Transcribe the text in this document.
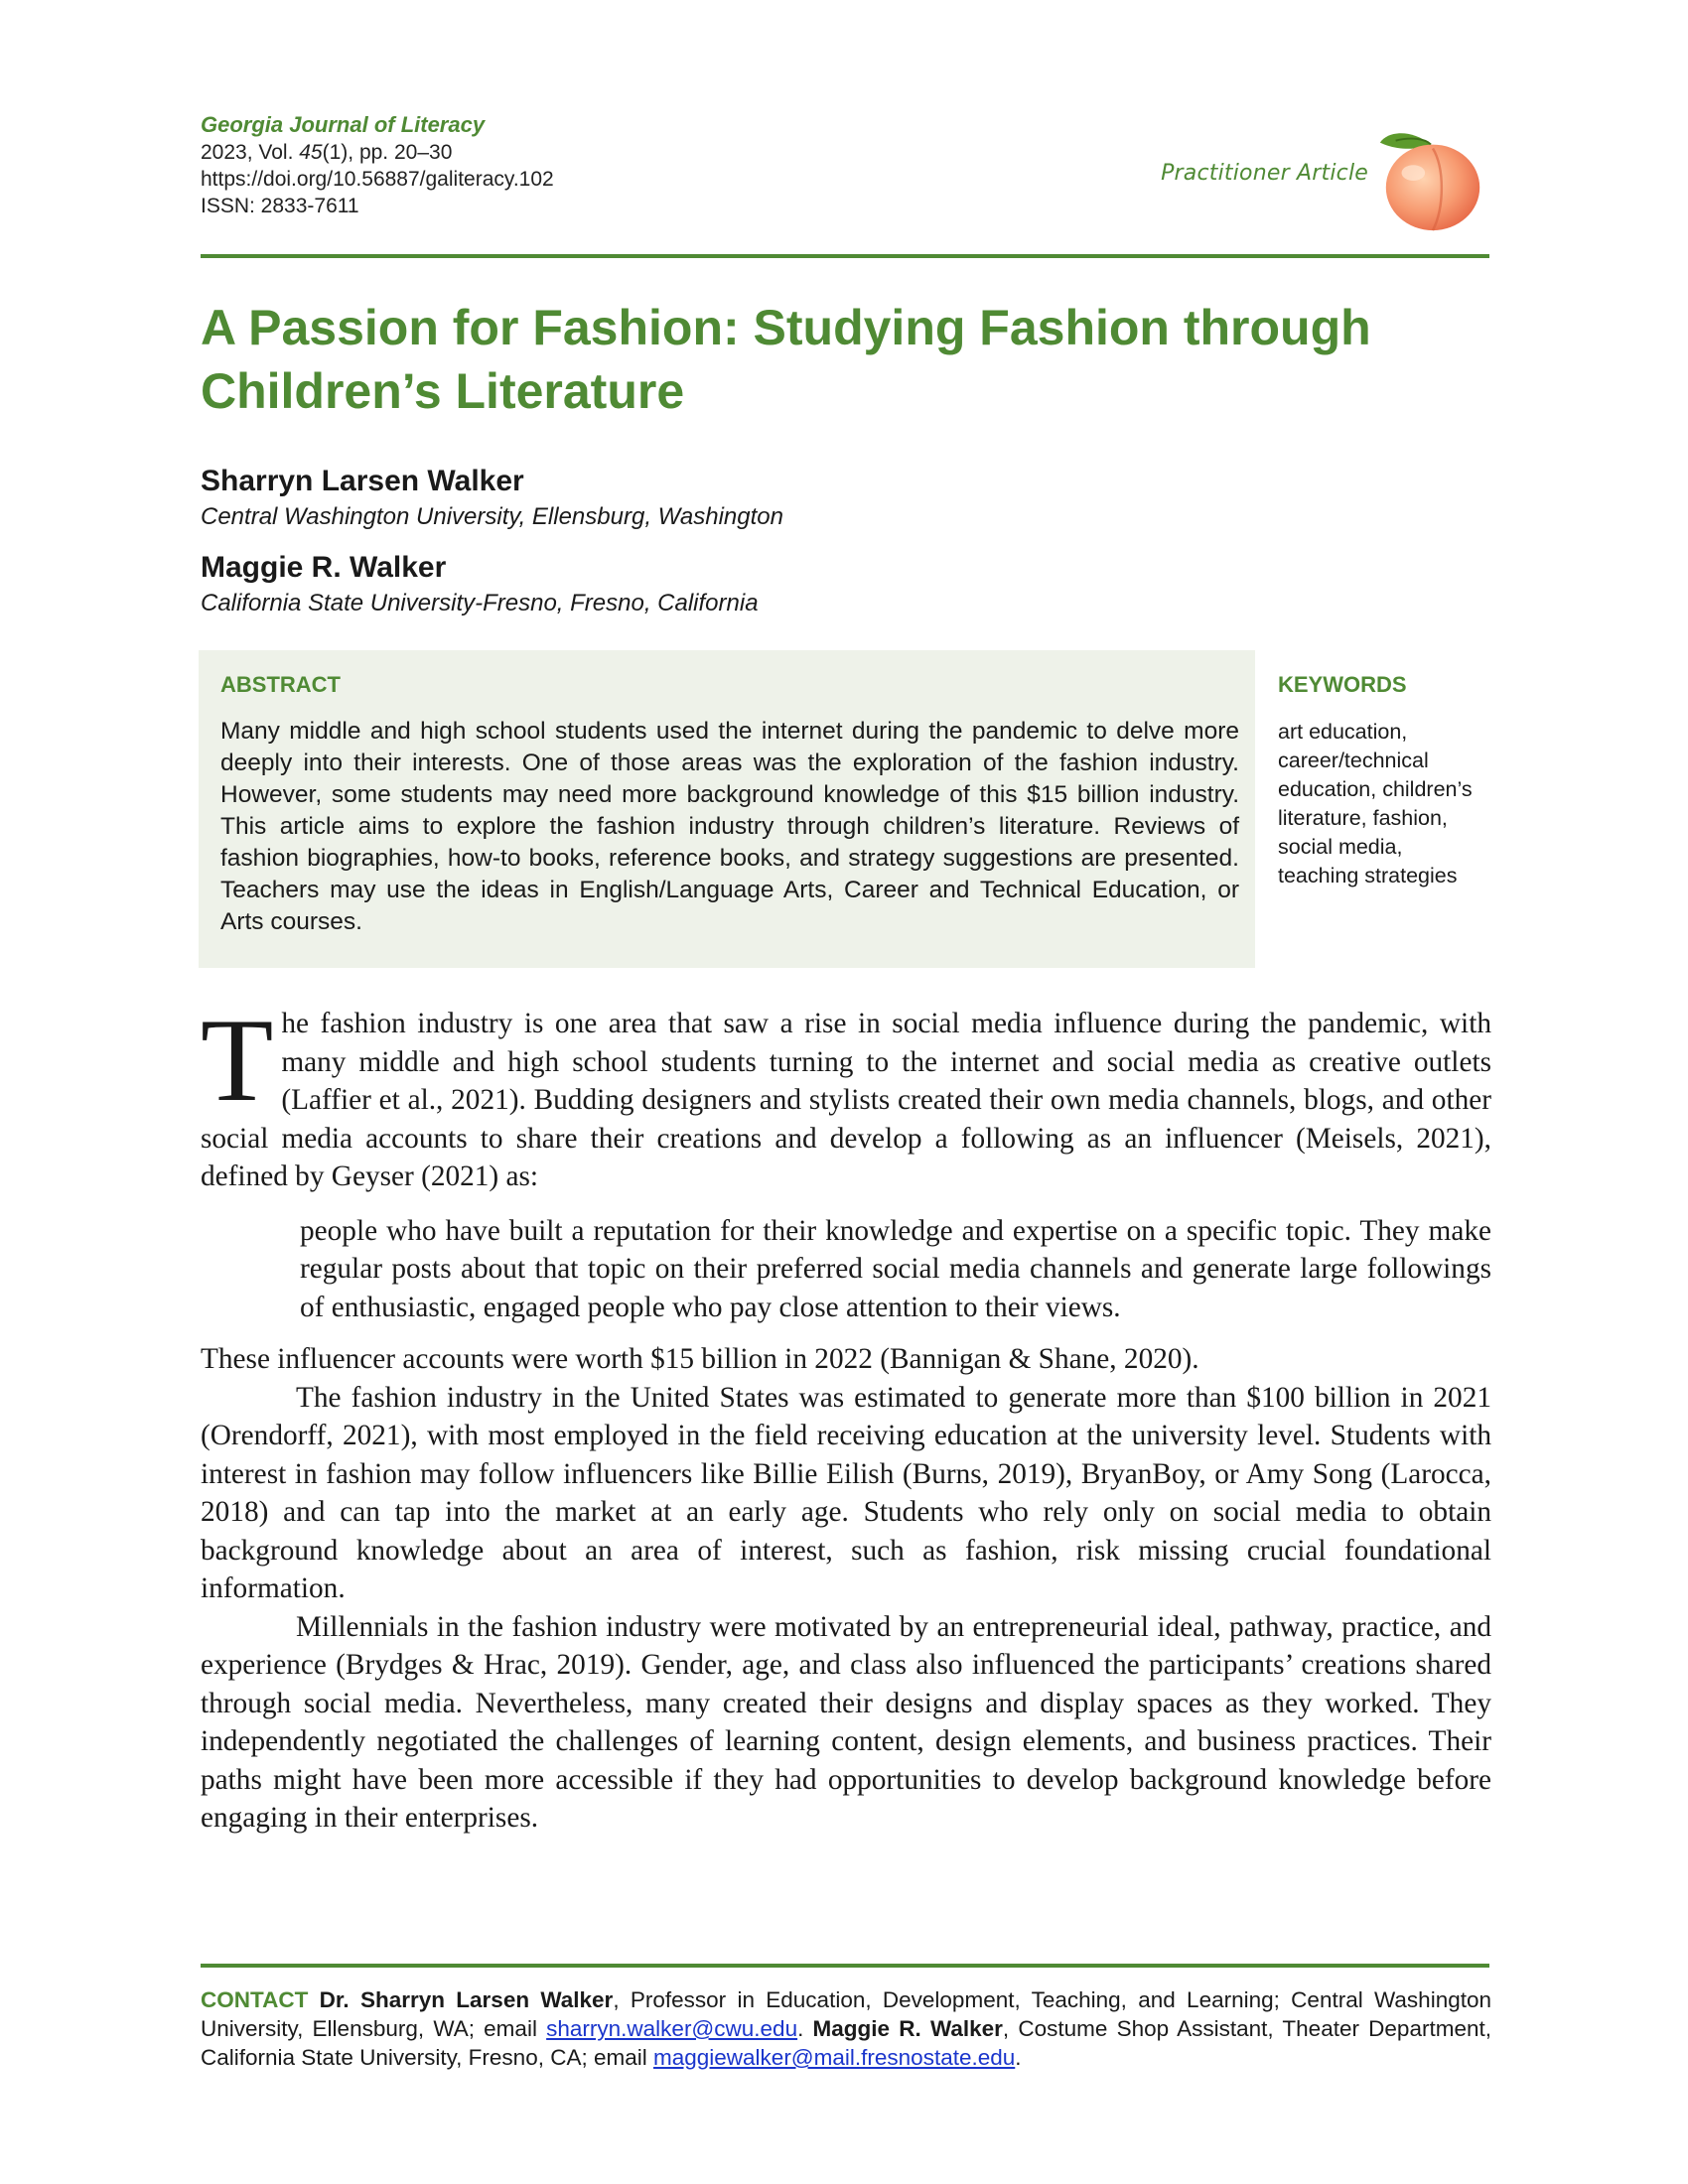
Georgia Journal of Literacy
2023, Vol. 45(1), pp. 20–30
https://doi.org/10.56887/galiteracy.102
ISSN: 2833-7611
Practitioner Article
A Passion for Fashion: Studying Fashion through Children’s Literature
Sharryn Larsen Walker
Central Washington University, Ellensburg, Washington
Maggie R. Walker
California State University-Fresno, Fresno, California
ABSTRACT

Many middle and high school students used the internet during the pandemic to delve more deeply into their interests. One of those areas was the exploration of the fashion industry. However, some students may need more background knowledge of this $15 billion industry. This article aims to explore the fashion industry through children’s literature. Reviews of fashion biographies, how-to books, reference books, and strategy suggestions are presented. Teachers may use the ideas in English/Language Arts, Career and Technical Education, or Arts courses.

KEYWORDS

art education, career/technical education, children’s literature, fashion, social media, teaching strategies

The fashion industry is one area that saw a rise in social media influence during the pandemic, with many middle and high school students turning to the internet and social media as creative outlets (Laffier et al., 2021). Budding designers and stylists created their own media channels, blogs, and other social media accounts to share their creations and develop a following as an influencer (Meisels, 2021), defined by Geyser (2021) as:

people who have built a reputation for their knowledge and expertise on a specific topic. They make regular posts about that topic on their preferred social media channels and generate large followings of enthusiastic, engaged people who pay close attention to their views.

These influencer accounts were worth $15 billion in 2022 (Bannigan & Shane, 2020).

The fashion industry in the United States was estimated to generate more than $100 billion in 2021 (Orendorff, 2021), with most employed in the field receiving education at the university level. Students with interest in fashion may follow influencers like Billie Eilish (Burns, 2019), BryanBoy, or Amy Song (Larocca, 2018) and can tap into the market at an early age. Students who rely only on social media to obtain background knowledge about an area of interest, such as fashion, risk missing crucial foundational information.

Millennials in the fashion industry were motivated by an entrepreneurial ideal, pathway, practice, and experience (Brydges & Hrac, 2019). Gender, age, and class also influenced the participants’ creations shared through social media. Nevertheless, many created their designs and display spaces as they worked. They independently negotiated the challenges of learning content, design elements, and business practices. Their paths might have been more accessible if they had opportunities to develop background knowledge before engaging in their enterprises.

CONTACT Dr. Sharryn Larsen Walker, Professor in Education, Development, Teaching, and Learning; Central Washington University, Ellensburg, WA; email sharryn.walker@cwu.edu. Maggie R. Walker, Costume Shop Assistant, Theater Department, California State University, Fresno, CA; email maggiewalker@mail.fresnostate.edu.
